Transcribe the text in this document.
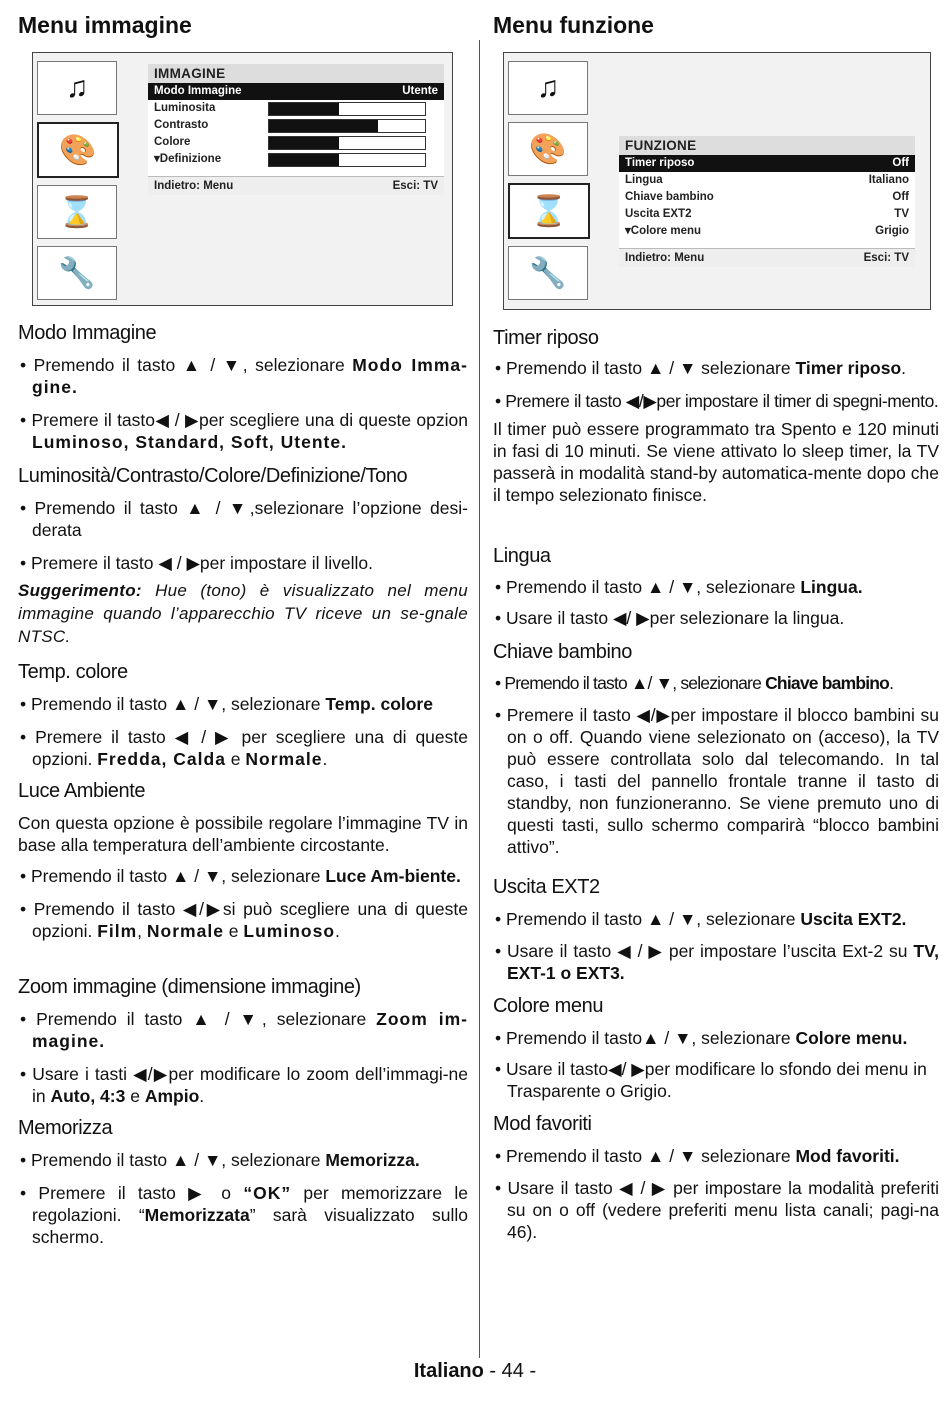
Menu immagine
♫
🎨
⌛
🔧
IMMAGINE
Modo Immagine	Utente
Luminosita
Contrasto
Colore
▾Definizione
Indietro: Menu	Esci: TV
Modo Immagine

• Premendo il tasto ▲ / ▼, selezionare Modo Imma-gine.

• Premere il tasto◀ / ▶per scegliere una di queste opzion Luminoso, Standard, Soft, Utente.

Luminosità/Contrasto/Colore/Definizione/Tono

• Premendo il tasto ▲ / ▼,selezionare l’opzione desi-derata

• Premere il tasto ◀ / ▶per impostare il livello.

Suggerimento: Hue (tono) è visualizzato nel menu immagine quando l’apparecchio TV riceve un se-gnale NTSC.

Temp. colore

• Premendo il tasto ▲ / ▼, selezionare Temp. colore

• Premere il tasto ◀ / ▶ per scegliere una di queste opzioni. Fredda, Calda e Normale.

Luce Ambiente

Con questa opzione è possibile regolare l’immagine TV in base alla temperatura dell’ambiente circostante.

• Premendo il tasto ▲ / ▼, selezionare Luce Am-biente.

• Premendo il tasto ◀/▶si può scegliere una di queste opzioni. Film, Normale e Luminoso.

Zoom immagine (dimensione immagine)

• Premendo il tasto ▲ / ▼, selezionare Zoom im-magine.

• Usare i tasti ◀/▶per modificare lo zoom dell’immagi-ne in Auto, 4:3 e Ampio.

Memorizza

• Premendo il tasto ▲ / ▼, selezionare Memorizza.

• Premere il tasto ▶ o “OK” per memorizzare le regolazioni. “Memorizzata” sarà visualizzato sullo schermo.

Menu funzione
♫
🎨
⌛
🔧
FUNZIONE
Timer riposo	Off
Lingua	Italiano
Chiave bambino	Off
Uscita EXT2	TV
▾Colore menu	Grigio
Indietro: Menu	Esci: TV
Timer riposo

• Premendo il tasto ▲ / ▼ selezionare Timer riposo.

• Premere il tasto ◀/▶per impostare il timer di spegni-mento.

Il timer può essere programmato tra Spento e 120 minuti in fasi di 10 minuti. Se viene attivato lo sleep timer, la TV passerà in modalità stand-by automatica-mente dopo che il tempo selezionato finisce.

Lingua

• Premendo il tasto ▲ / ▼, selezionare Lingua.

• Usare il tasto ◀/ ▶per selezionare la lingua.

Chiave bambino

• Premendo il tasto ▲/ ▼, selezionare Chiave bambino.

• Premere il tasto ◀/▶per impostare il blocco bambini su on o off. Quando viene selezionato on (acceso), la TV può essere controllata solo dal telecomando. In tal caso, i tasti del pannello frontale tranne il tasto di standby, non funzioneranno. Se viene premuto uno di questi tasti, sullo schermo comparirà “blocco bambini attivo”.

Uscita EXT2

• Premendo il tasto ▲ / ▼, selezionare Uscita EXT2.

• Usare il tasto ◀ / ▶ per impostare l’uscita Ext-2 su TV, EXT-1 o EXT3.

Colore menu

• Premendo il tasto▲ / ▼, selezionare Colore menu.

• Usare il tasto◀/ ▶per modificare lo sfondo dei menu in Trasparente o Grigio.

Mod favoriti

• Premendo il tasto ▲ / ▼ selezionare Mod favoriti.

• Usare il tasto ◀ / ▶ per impostare la modalità preferiti su on o off (vedere preferiti menu lista canali; pagi-na 46).

Italiano - 44 -
